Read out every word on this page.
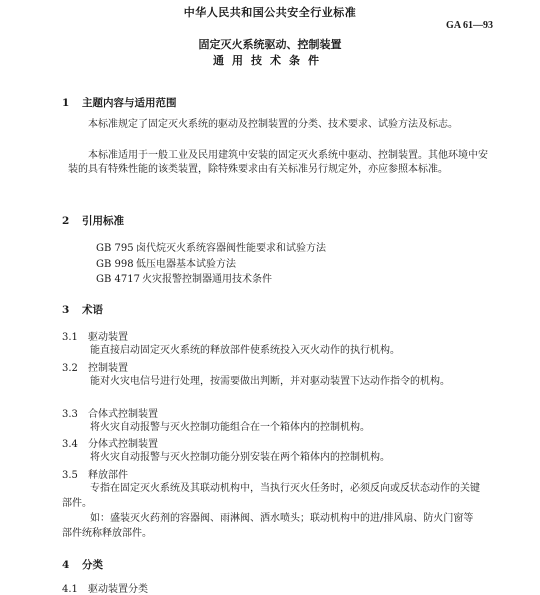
中华人民共和国公共安全行业标准
GA 61—93
固定灭火系统驱动、控制装置
通用技术条件
1 主题内容与适用范围
本标准规定了固定灭火系统的驱动及控制装置的分类、技术要求、试验方法及标志。
本标准适用于一般工业及民用建筑中安装的固定灭火系统中驱动、控制装置。其他环境中安装的具有特殊性能的该类装置，除特殊要求由有关标准另行规定外，亦应参照本标准。
2 引用标准
GB 795 卤代烷灭火系统容器阀性能要求和试验方法
GB 998 低压电器基本试验方法
GB 4717 火灾报警控制器通用技术条件
3 术语
3.1 驱动装置
能直接启动固定灭火系统的释放部件使系统投入灭火动作的执行机构。
3.2 控制装置
能对火灾电信号进行处理，按需要做出判断，并对驱动装置下达动作指令的机构。
3.3 合体式控制装置
将火灾自动报警与灭火控制功能组合在一个箱体内的控制机构。
3.4 分体式控制装置
将火灾自动报警与灭火控制功能分别安装在两个箱体内的控制机构。
3.5 释放部件
专指在固定灭火系统及其联动机构中，当执行灭火任务时，必须反向或反状态动作的关键部件。
如：盛装灭火药剂的容器阀、雨淋阀、洒水喷头；联动机构中的进/排风扇、防火门窗等部件统称释放部件。
4 分类
4.1 驱动装置分类
